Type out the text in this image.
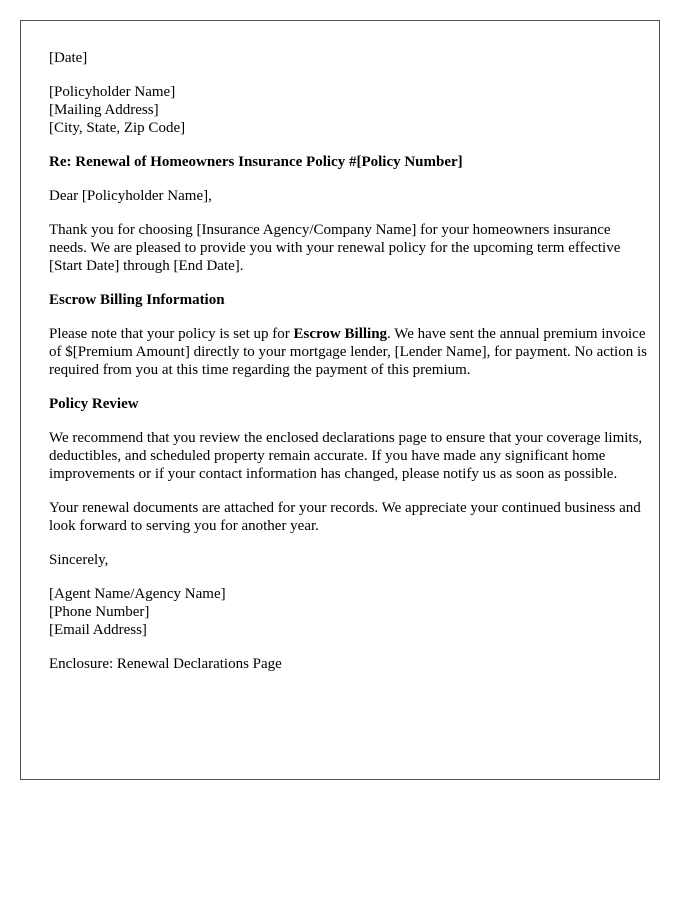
[Date]

[Policyholder Name]
[Mailing Address]
[City, State, Zip Code]

Re: Renewal of Homeowners Insurance Policy #[Policy Number]

Dear [Policyholder Name],

Thank you for choosing [Insurance Agency/Company Name] for your homeowners insurance needs. We are pleased to provide you with your renewal policy for the upcoming term effective [Start Date] through [End Date].

Escrow Billing Information

Please note that your policy is set up for Escrow Billing. We have sent the annual premium invoice of $[Premium Amount] directly to your mortgage lender, [Lender Name], for payment. No action is required from you at this time regarding the payment of this premium.

Policy Review

We recommend that you review the enclosed declarations page to ensure that your coverage limits, deductibles, and scheduled property remain accurate. If you have made any significant home improvements or if your contact information has changed, please notify us as soon as possible.

Your renewal documents are attached for your records. We appreciate your continued business and look forward to serving you for another year.

Sincerely,

[Agent Name/Agency Name]
[Phone Number]
[Email Address]

Enclosure: Renewal Declarations Page
